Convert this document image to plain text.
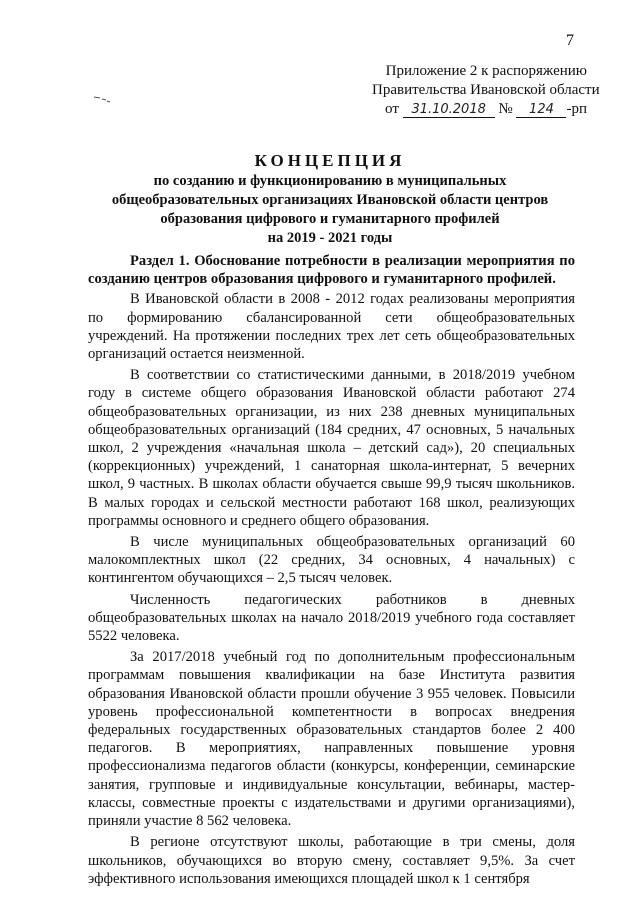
7
Приложение 2 к распоряжению
Правительства Ивановской области
от 31.10.2018 № 124 -рп
КОНЦЕПЦИЯ
по созданию и функционированию в муниципальных общеобразовательных организациях Ивановской области центров образования цифрового и гуманитарного профилей
на 2019 - 2021 годы

Раздел 1. Обоснование потребности в реализации мероприятия по созданию центров образования цифрового и гуманитарного профилей.

В Ивановской области в 2008 - 2012 годах реализованы мероприятия по формированию сбалансированной сети общеобразовательных учреждений. На протяжении последних трех лет сеть общеобразовательных организаций остается неизменной.

В соответствии со статистическими данными, в 2018/2019 учебном году в системе общего образования Ивановской области работают 274 общеобразовательных организации, из них 238 дневных муниципальных общеобразовательных организаций (184 средних, 47 основных, 5 начальных школ, 2 учреждения «начальная школа – детский сад»), 20 специальных (коррекционных) учреждений, 1 санаторная школа-интернат, 5 вечерних школ, 9 частных. В школах области обучается свыше 99,9 тысяч школьников. В малых городах и сельской местности работают 168 школ, реализующих программы основного и среднего общего образования.

В числе муниципальных общеобразовательных организаций 60 малокомплектных школ (22 средних, 34 основных, 4 начальных) с контингентом обучающихся – 2,5 тысяч человек.

Численность педагогических работников в дневных общеобразовательных школах на начало 2018/2019 учебного года составляет 5522 человека.

За 2017/2018 учебный год по дополнительным профессиональным программам повышения квалификации на базе Института развития образования Ивановской области прошли обучение 3 955 человек. Повысили уровень профессиональной компетентности в вопросах внедрения федеральных государственных образовательных стандартов более 2 400 педагогов. В мероприятиях, направленных повышение уровня профессионализма педагогов области (конкурсы, конференции, семинарские занятия, групповые и индивидуальные консультации, вебинары, мастер-классы, совместные проекты с издательствами и другими организациями), приняли участие 8 562 человека.

В регионе отсутствуют школы, работающие в три смены, доля школьников, обучающихся во вторую смену, составляет 9,5%. За счет эффективного использования имеющихся площадей школ к 1 сентября
